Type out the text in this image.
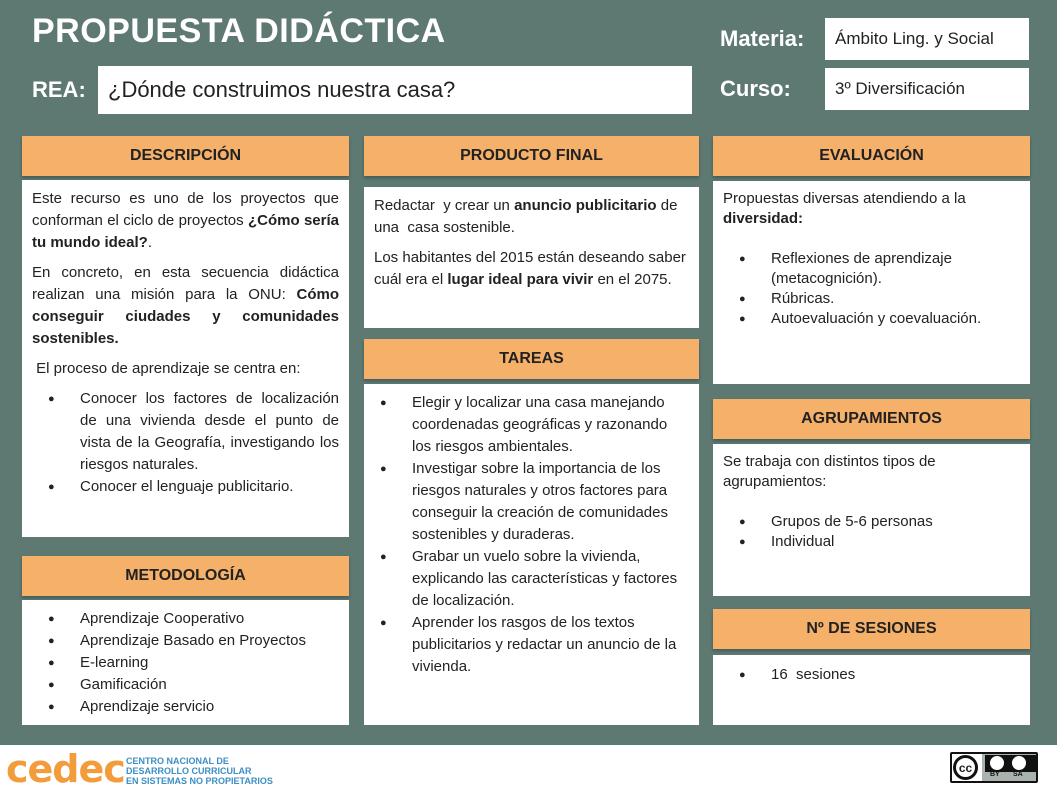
PROPUESTA DIDÁCTICA
REA:	¿Dónde construimos nuestra casa?
Materia:	Ámbito Ling. y Social
Curso:	3º Diversificación
DESCRIPCIÓN

Este recurso es uno de los proyectos que conforman el ciclo de proyectos ¿Cómo sería tu mundo ideal?.

En concreto, en esta secuencia didáctica realizan una misión para la ONU: Cómo conseguir ciudades y comunidades sostenibles.

El proceso de aprendizaje se centra en:

● Conocer los factores de localización de una vivienda desde el punto de vista de la Geografía, investigando los riesgos naturales.
● Conocer el lenguaje publicitario.
METODOLOGÍA
● Aprendizaje Cooperativo
● Aprendizaje Basado en Proyectos
● E-learning
● Gamificación
● Aprendizaje servicio
PRODUCTO FINAL

Redactar  y crear un anuncio publicitario de una  casa sostenible.

Los habitantes del 2015 están deseando saber cuál era el lugar ideal para vivir en el 2075.

TAREAS
● Elegir y localizar una casa manejando coordenadas geográficas y razonando los riesgos ambientales.
● Investigar sobre la importancia de los riesgos naturales y otros factores para conseguir la creación de comunidades sostenibles y duraderas.
● Grabar un vuelo sobre la vivienda, explicando las características y factores de localización.
● Aprender los rasgos de los textos publicitarios y redactar un anuncio de la vivienda.
EVALUACIÓN

Propuestas diversas atendiendo a la diversidad:

● Reflexiones de aprendizaje (metacognición).
● Rúbricas.
● Autoevaluación y coevaluación.
AGRUPAMIENTOS

Se trabaja con distintos tipos de agrupamientos:

● Grupos de 5-6 personas
● Individual
Nº DE SESIONES
● 16  sesiones
cedec CENTRO NACIONAL DE
DESARROLLO CURRICULAR
EN SISTEMAS NO PROPIETARIOS
cc	BY SA
